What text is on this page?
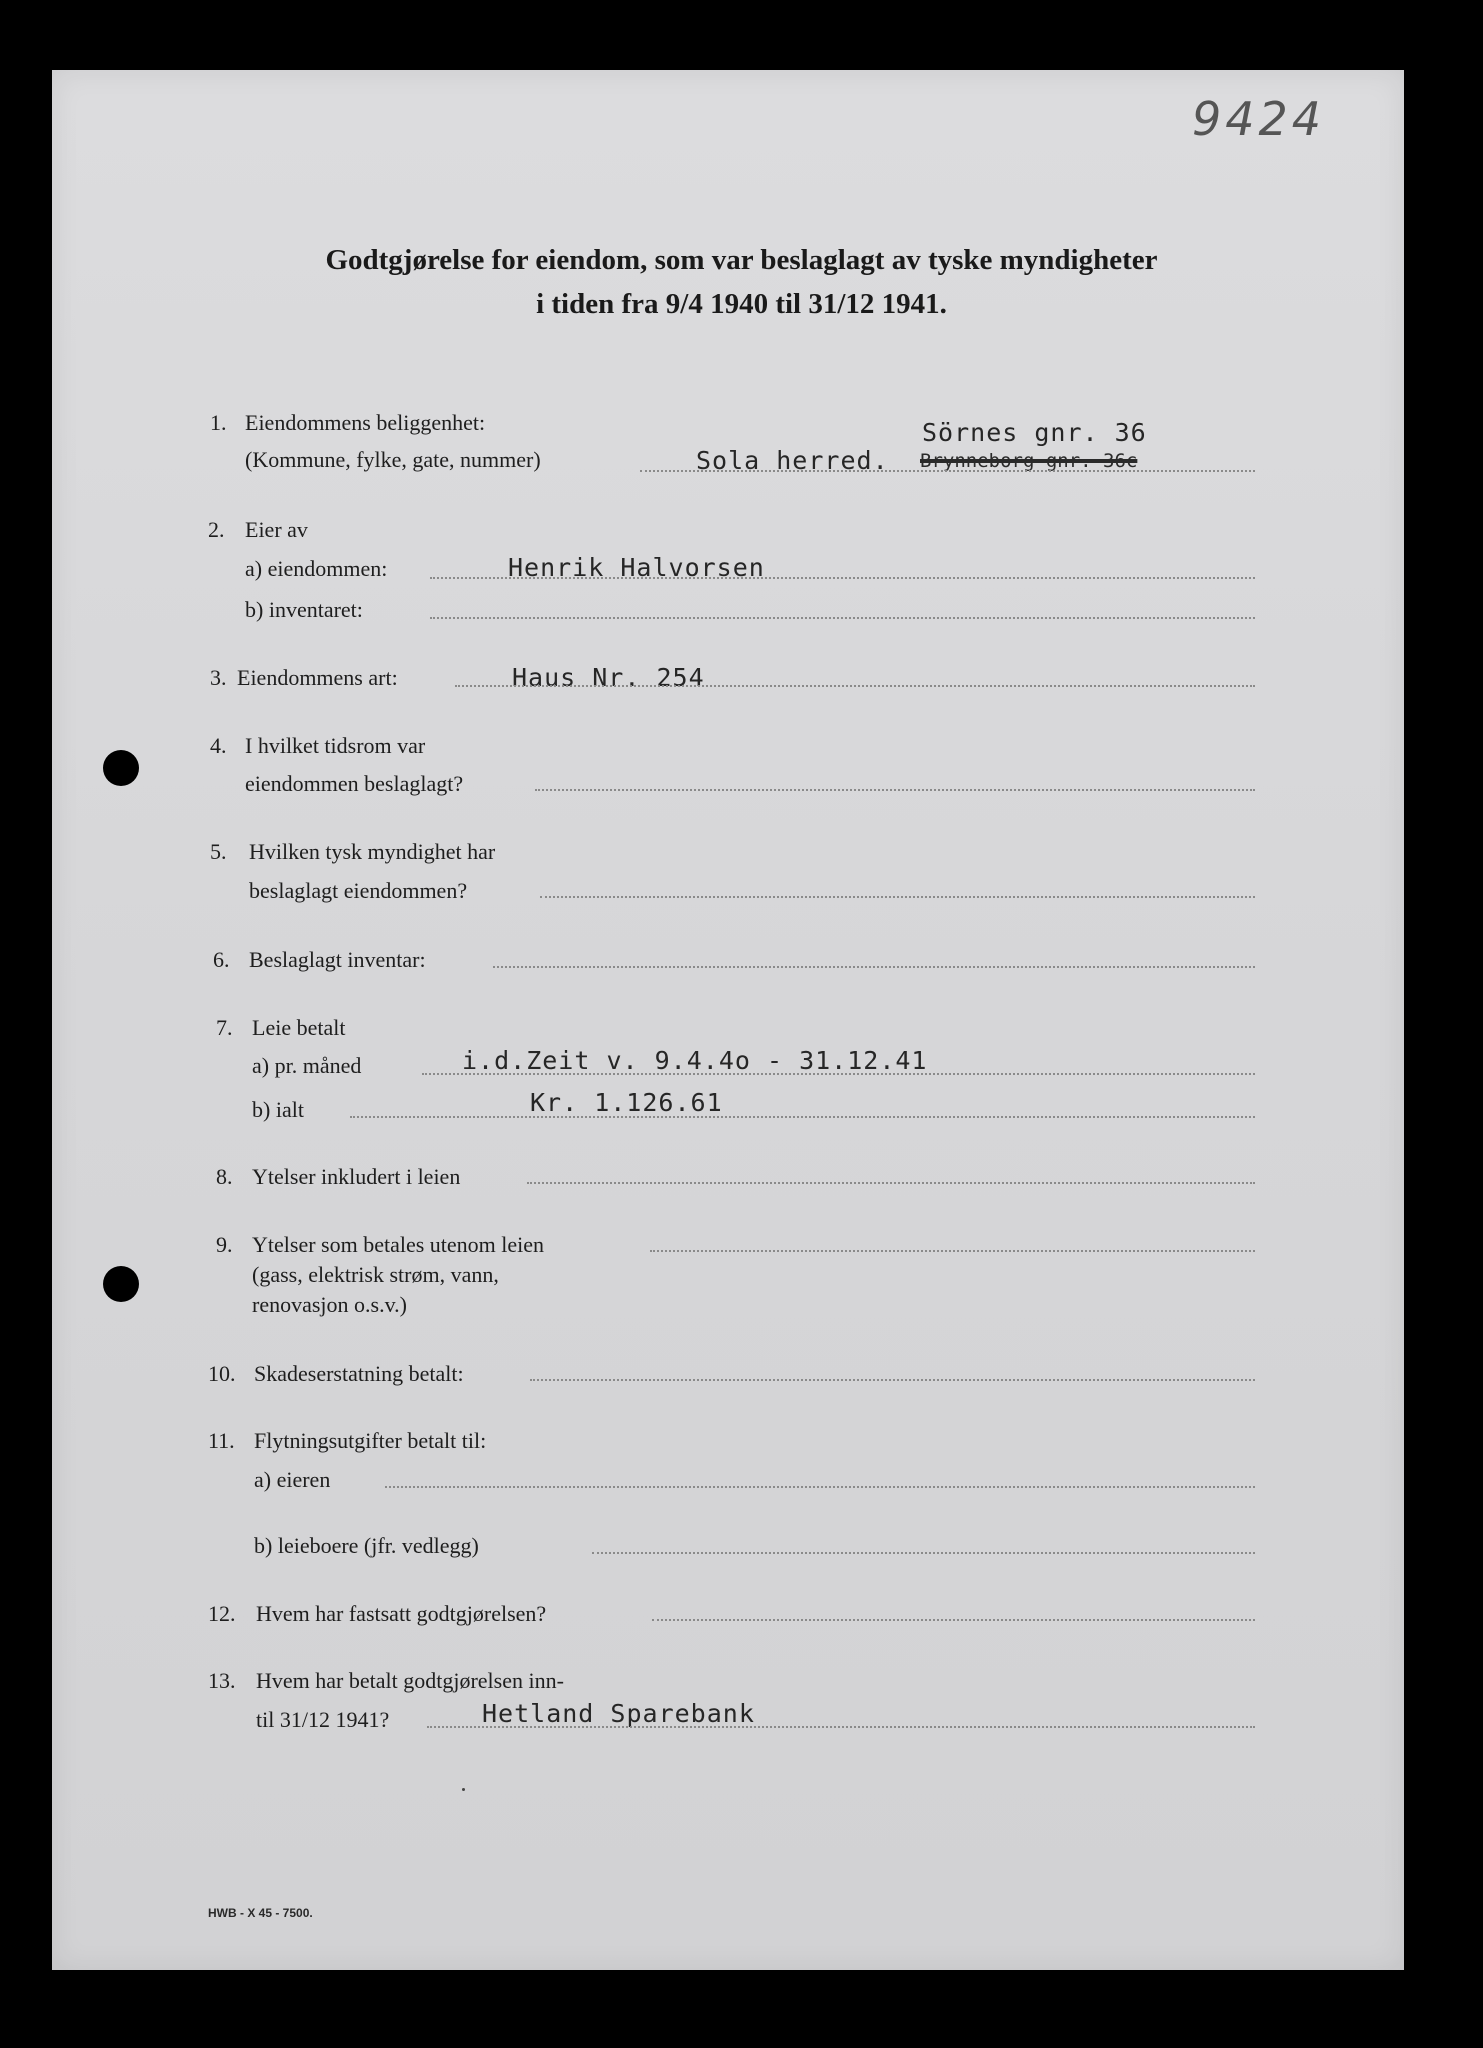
9424
Godtgjørelse for eiendom, som var beslaglagt av tyske myndigheter
i tiden fra 9/4 1940 til 31/12 1941.
1. Eiendommens beliggenhet:
(Kommune, fylke, gate, nummer)
Sörnes gnr. 36
Sola herred. Brynneborg gnr. 36c
2. Eier av
a) eiendommen:	Henrik Halvorsen
b) inventaret:
3. Eiendommens art:	Haus Nr. 254
4. I hvilket tidsrom var
eiendommen beslaglagt?
5. Hvilken tysk myndighet har
beslaglagt eiendommen?
6. Beslaglagt inventar:
7. Leie betalt
a) pr. måned	i.d.Zeit v. 9.4.4o - 31.12.41
b) ialt	Kr. 1.126.61
8. Ytelser inkludert i leien
9. Ytelser som betales utenom leien
(gass, elektrisk strøm, vann,
renovasjon o.s.v.)
10. Skadeserstatning betalt:
11. Flytningsutgifter betalt til:
a) eieren
b) leieboere (jfr. vedlegg)
12. Hvem har fastsatt godtgjørelsen?
13. Hvem har betalt godtgjørelsen inn-
til 31/12 1941?	Hetland Sparebank
HWB - X 45 - 7500.
